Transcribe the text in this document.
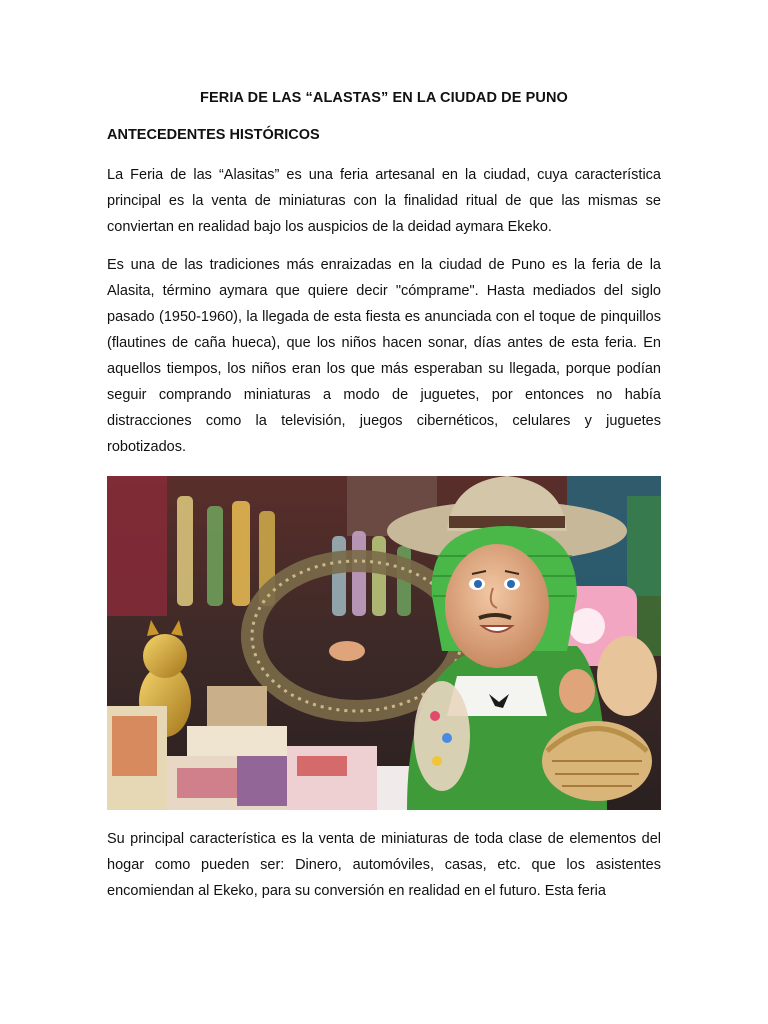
FERIA DE LAS “ALASTAS” EN LA CIUDAD DE PUNO
ANTECEDENTES HISTÓRICOS

La Feria de las “Alasitas” es una feria artesanal en la ciudad, cuya característica principal es la venta de miniaturas con la finalidad ritual de que las mismas se conviertan en realidad bajo los auspicios de la deidad aymara Ekeko.

Es una de las tradiciones más enraizadas en la ciudad de Puno es la feria de la Alasita, término aymara que quiere decir "cómprame". Hasta mediados del siglo pasado (1950-1960), la llegada de esta fiesta es anunciada con el toque de pinquillos (flautines de caña hueca), que los niños hacen sonar, días antes de esta feria. En aquellos tiempos, los niños eran los que más esperaban su llegada, porque podían seguir comprando miniaturas a modo de juguetes, por entonces no había distracciones como la televisión, juegos cibernéticos, celulares y juguetes robotizados.

Su principal característica es la venta de miniaturas de toda clase de elementos del hogar como pueden ser: Dinero, automóviles, casas, etc. que los asistentes encomiendan al Ekeko, para su conversión en realidad en el futuro. Esta feria
